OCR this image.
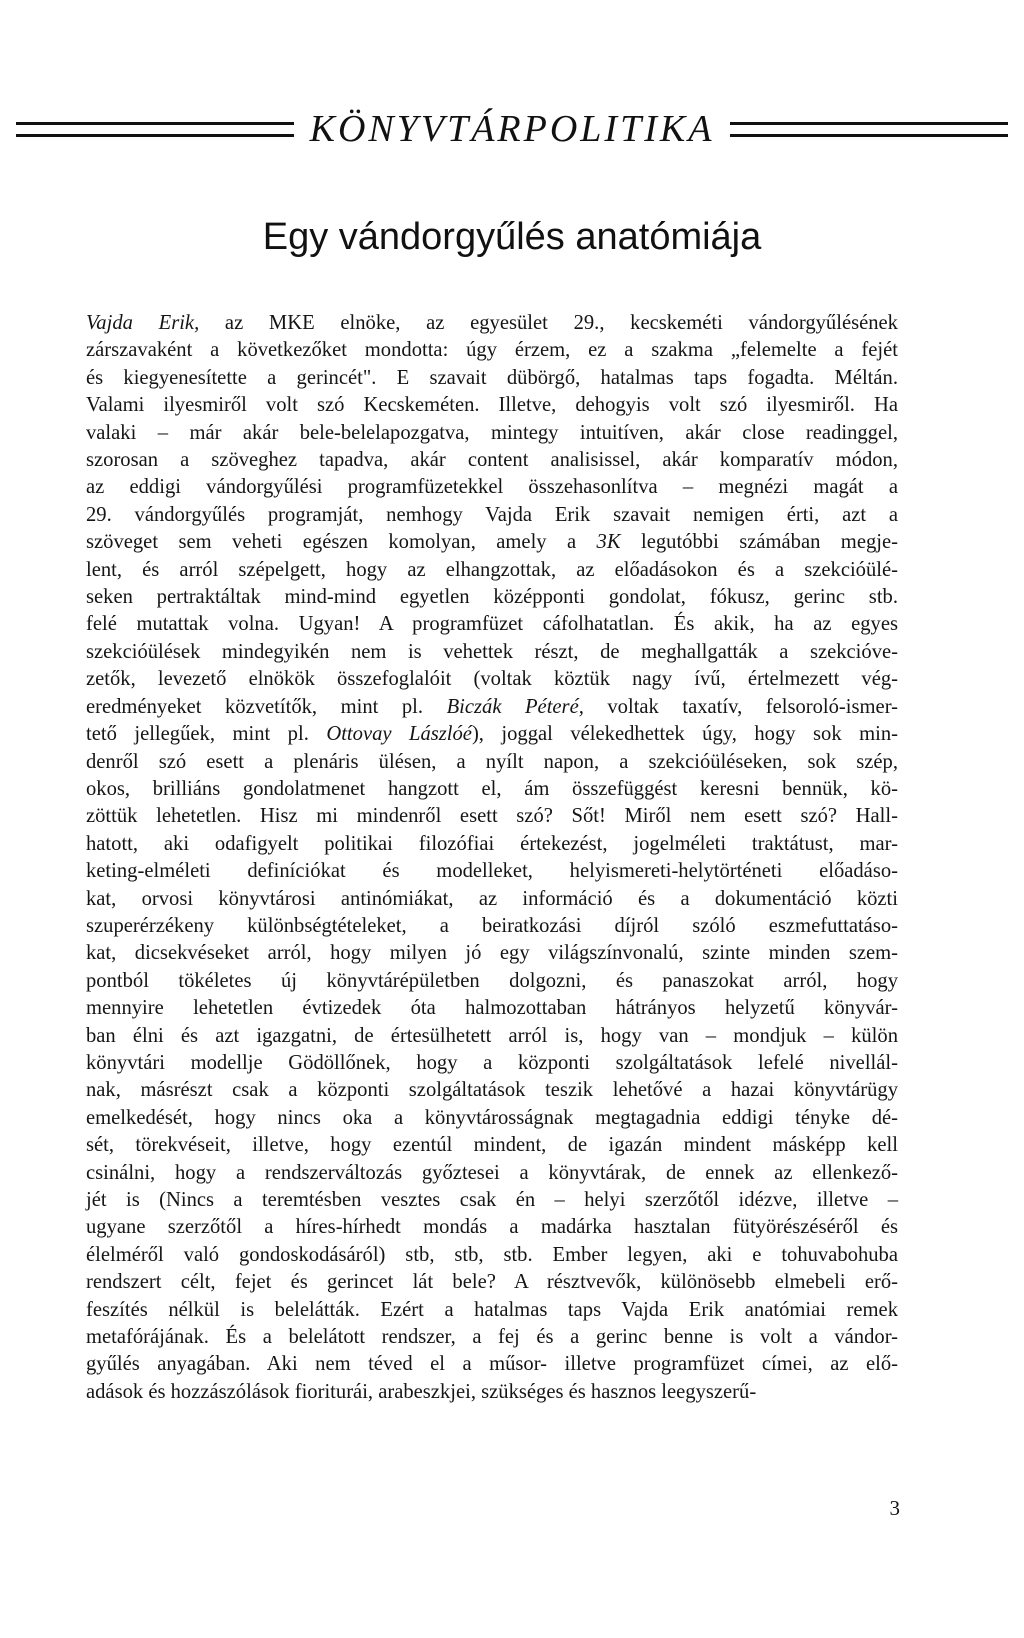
KÖNYVTÁRPOLITIKA
Egy vándorgyűlés anatómiája
Vajda Erik, az MKE elnöke, az egyesület 29., kecskeméti vándorgyűlésének
zárszavaként a következőket mondotta: úgy érzem, ez a szakma „felemelte a fejét
és kiegyenesítette a gerincét". E szavait dübörgő, hatalmas taps fogadta. Méltán.
Valami ilyesmiről volt szó Kecskeméten. Illetve, dehogyis volt szó ilyesmiről. Ha
valaki – már akár bele-belelapozgatva, mintegy intuitíven, akár close readinggel,
szorosan a szöveghez tapadva, akár content analisissel, akár komparatív módon,
az eddigi vándorgyűlési programfüzetekkel összehasonlítva – megnézi magát a
29. vándorgyűlés programját, nemhogy Vajda Erik szavait nemigen érti, azt a
szöveget sem veheti egészen komolyan, amely a 3K legutóbbi számában megje-
lent, és arról szépelgett, hogy az elhangzottak, az előadásokon és a szekcióülé-
seken pertraktáltak mind-mind egyetlen középponti gondolat, fókusz, gerinc stb.
felé mutattak volna. Ugyan! A programfüzet cáfolhatatlan. És akik, ha az egyes
szekcióülések mindegyikén nem is vehettek részt, de meghallgatták a szekcióve-
zetők, levezető elnökök összefoglalóit (voltak köztük nagy ívű, értelmezett vég-
eredményeket közvetítők, mint pl. Biczák Péteré, voltak taxatív, felsoroló-ismer-
tető jellegűek, mint pl. Ottovay Lászlóé), joggal vélekedhettek úgy, hogy sok min-
denről szó esett a plenáris ülésen, a nyílt napon, a szekcióüléseken, sok szép,
okos, brilliáns gondolatmenet hangzott el, ám összefüggést keresni bennük, kö-
zöttük lehetetlen. Hisz mi mindenről esett szó? Sőt! Miről nem esett szó? Hall-
hatott, aki odafigyelt politikai filozófiai értekezést, jogelméleti traktátust, mar-
keting-elméleti definíciókat és modelleket, helyismereti-helytörténeti előadáso-
kat, orvosi könyvtárosi antinómiákat, az információ és a dokumentáció közti
szuperérzékeny különbségtételeket, a beiratkozási díjról szóló eszmefuttatáso-
kat, dicsekvéseket arról, hogy milyen jó egy világszínvonalú, szinte minden szem-
pontból tökéletes új könyvtárépületben dolgozni, és panaszokat arról, hogy
mennyire lehetetlen évtizedek óta halmozottaban hátrányos helyzetű könyvár-
ban élni és azt igazgatni, de értesülhetett arról is, hogy van – mondjuk – külön
könyvtári modellje Gödöllőnek, hogy a központi szolgáltatások lefelé nivellál-
nak, másrészt csak a központi szolgáltatások teszik lehetővé a hazai könyvtárügy
emelkedését, hogy nincs oka a könyvtárosságnak megtagadnia eddigi tényke dé-
sét, törekvéseit, illetve, hogy ezentúl mindent, de igazán mindent másképp kell
csinálni, hogy a rendszerváltozás győztesei a könyvtárak, de ennek az ellenkező-
jét is (Nincs a teremtésben vesztes csak én – helyi szerzőtől idézve, illetve –
ugyane szerzőtől a híres-hírhedt mondás a madárka hasztalan fütyörészéséről és
élelméről való gondoskodásáról) stb, stb, stb. Ember legyen, aki e tohuvabohuba
rendszert célt, fejet és gerincet lát bele? A résztvevők, különösebb elmebeli erő-
feszítés nélkül is belelátták. Ezért a hatalmas taps Vajda Erik anatómiai remek
metafórájának. És a belelátott rendszer, a fej és a gerinc benne is volt a vándor-
gyűlés anyagában. Aki nem téved el a műsor- illetve programfüzet címei, az elő-
adások és hozzászólások fioriturái, arabeszkjei, szükséges és hasznos leegyszerű-
3
